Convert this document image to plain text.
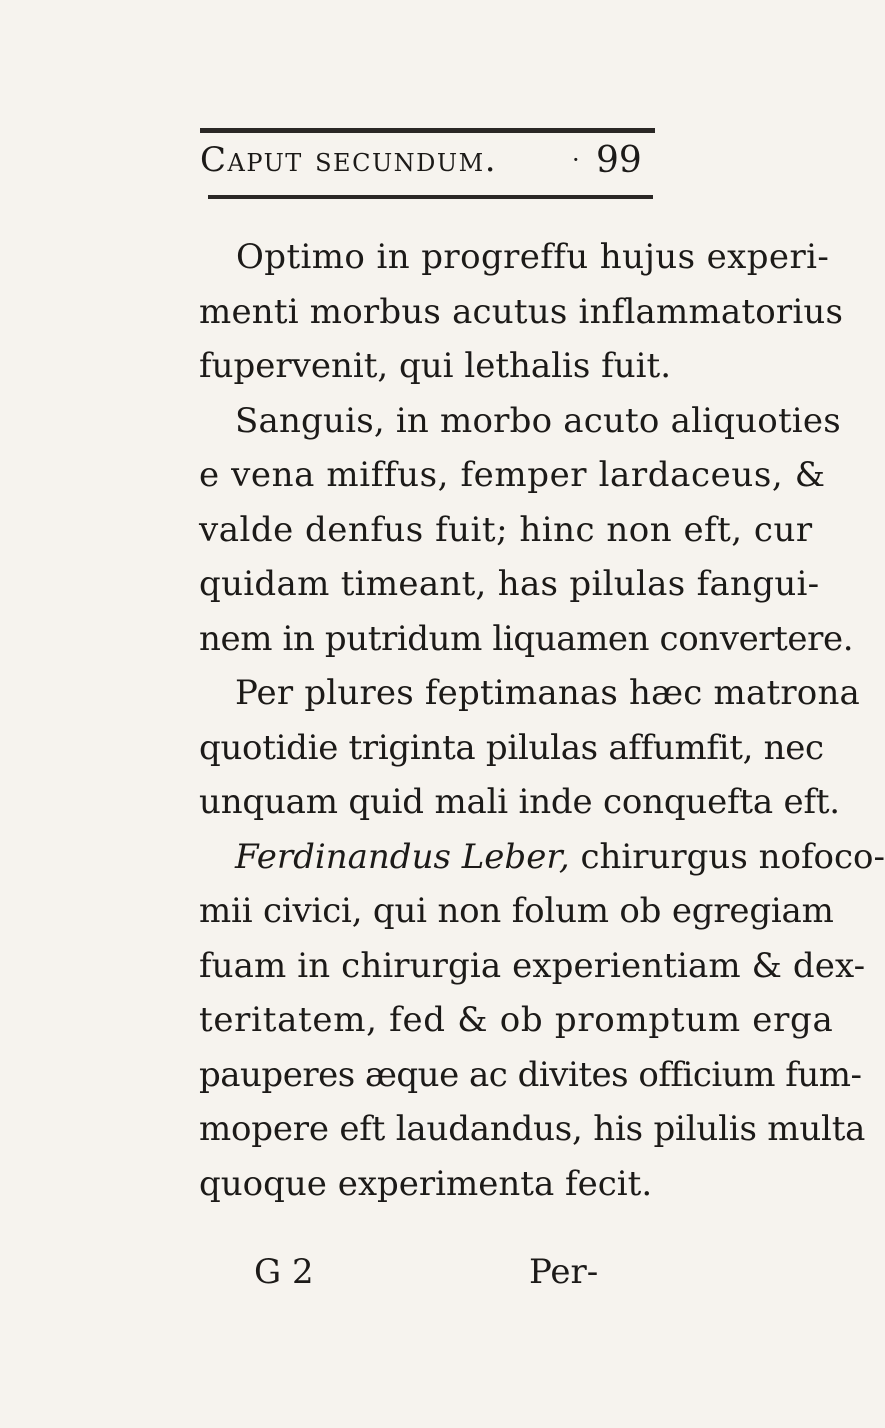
Caput secundum.	· 99
Optimo in progreffu hujus experi-
menti morbus acutus inflammatorius
fupervenit, qui lethalis fuit.
Sanguis, in morbo acuto aliquoties
e vena miffus, femper lardaceus, &
valde denfus fuit; hinc non eft, cur
quidam timeant, has pilulas fangui-
nem in putridum liquamen convertere.
Per plures feptimanas hæc matrona
quotidie triginta pilulas affumfit, nec
unquam quid mali inde conquefta eft.
Ferdinandus Leber, chirurgus nofoco-
mii civici, qui non folum ob egregiam
fuam in chirurgia experientiam & dex-
teritatem, fed & ob promptum erga
pauperes æque ac divites officium fum-
mopere eft laudandus, his pilulis multa
quoque experimenta fecit.
G 2	Per-
